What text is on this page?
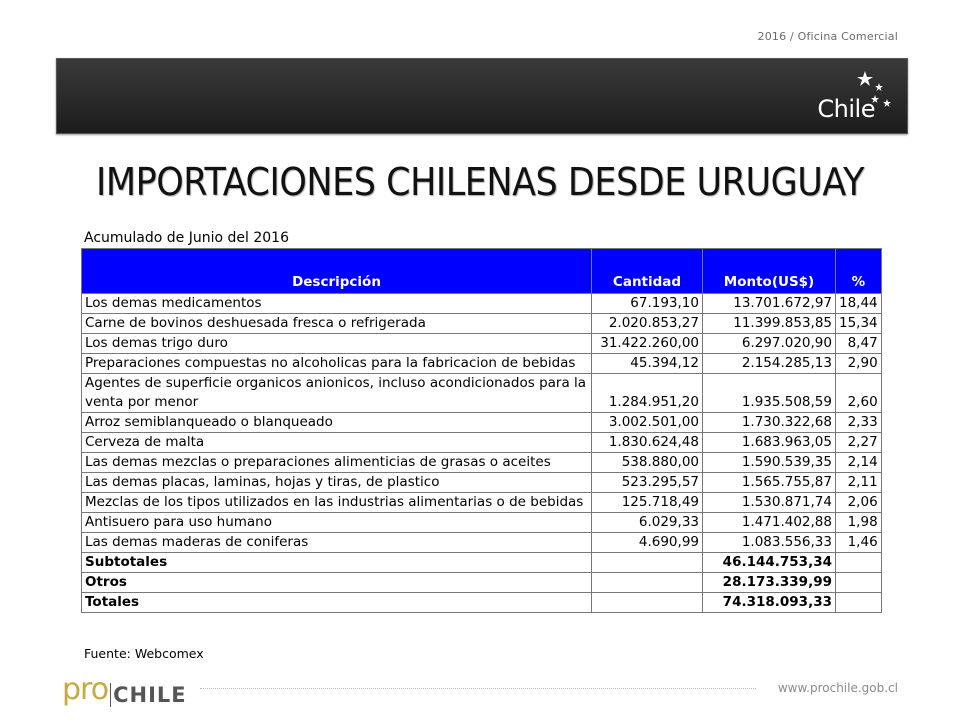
2016 / Oficina Comercial
Chile
IMPORTACIONES CHILENAS DESDE URUGUAY
Acumulado de Junio del 2016
Descripción	Cantidad	Monto(US$)	%
Los demas medicamentos	67.193,10	13.701.672,97	18,44
Carne de bovinos deshuesada fresca o refrigerada	2.020.853,27	11.399.853,85	15,34
Los demas trigo duro	31.422.260,00	6.297.020,90	8,47
Preparaciones compuestas no alcoholicas para la fabricacion de bebidas	45.394,12	2.154.285,13	2,90
Agentes de superficie organicos anionicos, incluso acondicionados para la venta por menor	1.284.951,20	1.935.508,59	2,60
Arroz semiblanqueado o blanqueado	3.002.501,00	1.730.322,68	2,33
Cerveza de malta	1.830.624,48	1.683.963,05	2,27
Las demas mezclas o preparaciones alimenticias de grasas o aceites	538.880,00	1.590.539,35	2,14
Las demas placas, laminas, hojas y tiras, de plastico	523.295,57	1.565.755,87	2,11
Mezclas de los tipos utilizados en las industrias alimentarias o de bebidas	125.718,49	1.530.871,74	2,06
Antisuero para uso humano	6.029,33	1.471.402,88	1,98
Las demas maderas de coniferas	4.690,99	1.083.556,33	1,46
Subtotales		46.144.753,34	
Otros		28.173.339,99	
Totales		74.318.093,33	
Fuente: Webcomex
pro CHILE	www.prochile.gob.cl
